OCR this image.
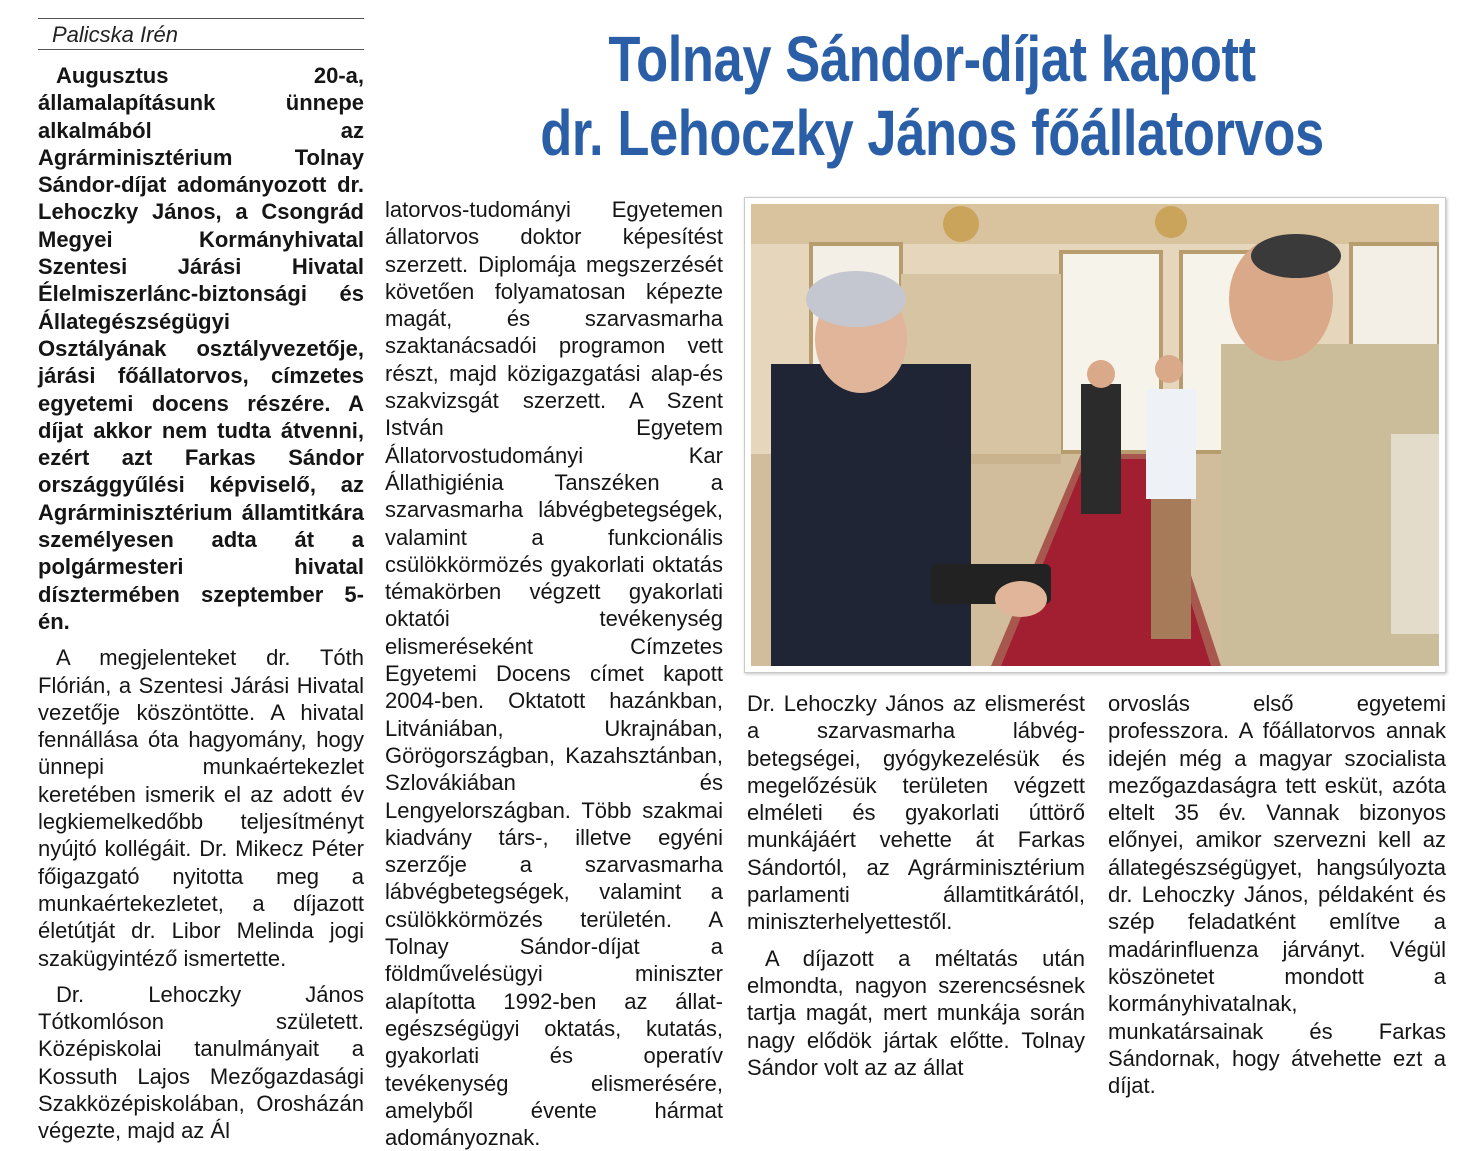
Palicska Irén	Tolnay Sándor-díjat kapott
dr. Lehoczky János főállatorvos

Augusztus 20-a, államalapításunk ünnepe alkalmából az Agrárminisztérium Tolnay Sándor-díjat adományozott dr. Lehoczky János, a Csongrád Megyei Kormányhivatal Szentesi Járási Hivatal Élelmiszerlánc-biztonsági és Állategészségügyi Osztályának osztályvezetője, járási főállatorvos, címzetes egyetemi docens részére. A díjat akkor nem tudta átvenni, ezért azt Farkas Sándor országgyűlési képviselő, az Agrárminisztérium államtitkára személyesen adta át a polgármesteri hivatal dísztermében szeptember 5-én.

A megjelenteket dr. Tóth Flórián, a Szentesi Járási Hivatal vezetője köszöntötte. A hivatal fennállása óta hagyomány, hogy ünnepi munkaértekezlet keretében ismerik el az adott év legkiemelkedőbb teljesítményt nyújtó kollégáit. Dr. Mikecz Péter főigazgató nyitotta meg a munkaértekezletet, a díjazott életútját dr. Libor Melinda jogi szakügyintéző ismertette.

Dr. Lehoczky János Tótkomlóson született. Középiskolai tanulmányait a Kossuth Lajos Mezőgazdasági Szakközépiskolában, Orosházán végezte, majd az Ál

latorvos-tudományi Egyetemen állatorvos doktor képesítést szerzett. Diplomája megszerzését követően folyamatosan képezte magát, és szarvasmarha szaktanácsadói programon vett részt, majd közigazgatási alap-és szakvizsgát szerzett. A Szent István Egyetem Állatorvostudományi Kar Állathigiénia Tanszéken a szarvasmarha lábvégbetegségek, valamint a funkcionális csülökkörmözés gyakorlati oktatás témakörben végzett gyakorlati oktatói tevékenység elismeréseként Címzetes Egyetemi Docens címet kapott 2004-ben. Oktatott hazánkban, Litvániában, Ukrajnában, Görögországban, Kazahsztánban, Szlovákiában és Lengyelországban. Több szakmai kiadvány társ-, illetve egyéni szerzője a szarvasmarha lábvégbetegségek, valamint a csülökkörmözés területén. A Tolnay Sándor-díjat a földművelésügyi miniszter alapította 1992-ben az állat-egészségügyi oktatás, kutatás, gyakorlati és operatív tevékenység elismerésére, amelyből évente hármat adományoznak.

Dr. Lehoczky János az elismerést a szarvasmarha lábvég-betegségei, gyógykezelésük és megelőzésük területen végzett elméleti és gyakorlati úttörő munkájáért vehette át Farkas Sándortól, az Agrárminisztérium parlamenti államtitkárától, miniszterhelyettestől.

A díjazott a méltatás után elmondta, nagyon szerencsésnek tartja magát, mert munkája során nagy elődök jártak előtte. Tolnay Sándor volt az az állat

orvoslás első egyetemi professzora. A főállatorvos annak idején még a magyar szocialista mezőgazdaságra tett esküt, azóta eltelt 35 év. Vannak bizonyos előnyei, amikor szervezni kell az állategészségügyet, hangsúlyozta dr. Lehoczky János, példaként és szép feladatként említve a madárinfluenza járványt. Végül köszönetet mondott a kormányhivatalnak, munkatársainak és Farkas Sándornak, hogy átvehette ezt a díjat.
